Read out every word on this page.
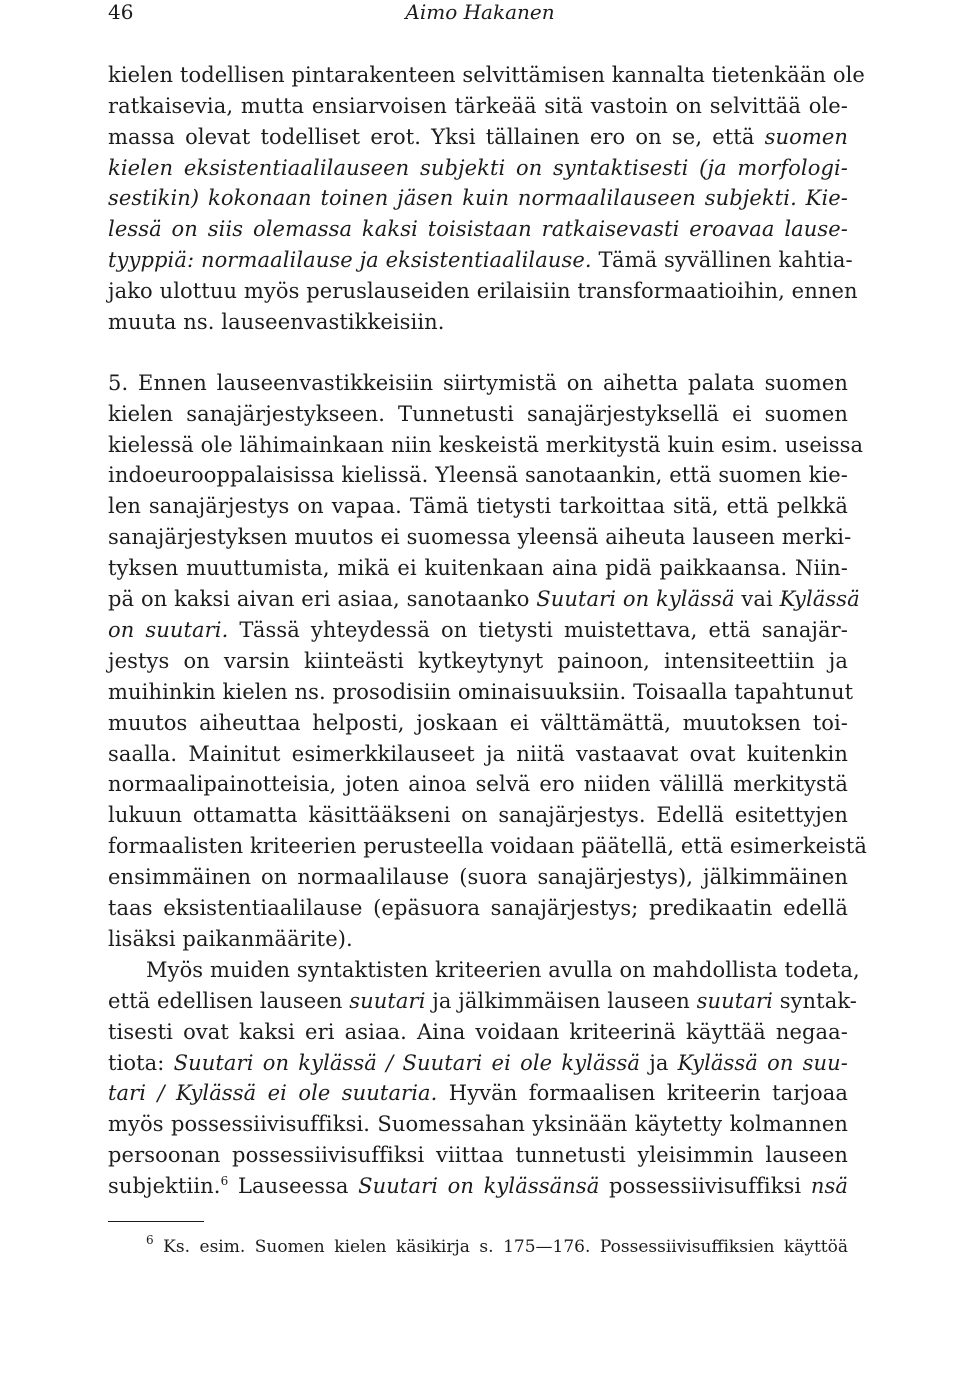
46	Aimo Hakanen
kielen todellisen pintarakenteen selvittämisen kannalta tietenkään ole
ratkaisevia, mutta ensiarvoisen tärkeää sitä vastoin on selvittää ole-
massa olevat todelliset erot. Yksi tällainen ero on se, että suomen
kielen eksistentiaalilauseen subjekti on syntaktisesti (ja morfologi-
sestikin) kokonaan toinen jäsen kuin normaalilauseen subjekti. Kie-
lessä on siis olemassa kaksi toisistaan ratkaisevasti eroavaa lause-
tyyppiä: normaalilause ja eksistentiaalilause. Tämä syvällinen kahtia-
jako ulottuu myös peruslauseiden erilaisiin transformaatioihin, ennen
muuta ns. lauseenvastikkeisiin.
5. Ennen lauseenvastikkeisiin siirtymistä on aihetta palata suomen
kielen sanajärjestykseen. Tunnetusti sanajärjestyksellä ei suomen
kielessä ole lähimainkaan niin keskeistä merkitystä kuin esim. useissa
indoeurooppalaisissa kielissä. Yleensä sanotaankin, että suomen kie-
len sanajärjestys on vapaa. Tämä tietysti tarkoittaa sitä, että pelkkä
sanajärjestyksen muutos ei suomessa yleensä aiheuta lauseen merki-
tyksen muuttumista, mikä ei kuitenkaan aina pidä paikkaansa. Niin-
pä on kaksi aivan eri asiaa, sanotaanko Suutari on kylässä vai Kylässä
on suutari. Tässä yhteydessä on tietysti muistettava, että sanajär-
jestys on varsin kiinteästi kytkeytynyt painoon, intensiteettiin ja
muihinkin kielen ns. prosodisiin ominaisuuksiin. Toisaalla tapahtunut
muutos aiheuttaa helposti, joskaan ei välttämättä, muutoksen toi-
saalla. Mainitut esimerkkilauseet ja niitä vastaavat ovat kuitenkin
normaalipainotteisia, joten ainoa selvä ero niiden välillä merkitystä
lukuun ottamatta käsittääkseni on sanajärjestys. Edellä esitettyjen
formaalisten kriteerien perusteella voidaan päätellä, että esimerkeistä
ensimmäinen on normaalilause (suora sanajärjestys), jälkimmäinen
taas eksistentiaalilause (epäsuora sanajärjestys; predikaatin edellä
lisäksi paikanmäärite).
Myös muiden syntaktisten kriteerien avulla on mahdollista todeta,
että edellisen lauseen suutari ja jälkimmäisen lauseen suutari syntak-
tisesti ovat kaksi eri asiaa. Aina voidaan kriteerinä käyttää negaa-
tiota: Suutari on kylässä / Suutari ei ole kylässä ja Kylässä on suu-
tari / Kylässä ei ole suutaria. Hyvän formaalisen kriteerin tarjoaa
myös possessiivisuffiksi. Suomessahan yksinään käytetty kolmannen
persoonan possessiivisuffiksi viittaa tunnetusti yleisimmin lauseen
subjektiin.$^6$ Lauseessa Suutari on kylässänsä possessiivisuffiksi nsä
$^6$ Ks. esim. Suomen kielen käsikirja s. 175—176. Possessiivisuffiksien käyttöä
